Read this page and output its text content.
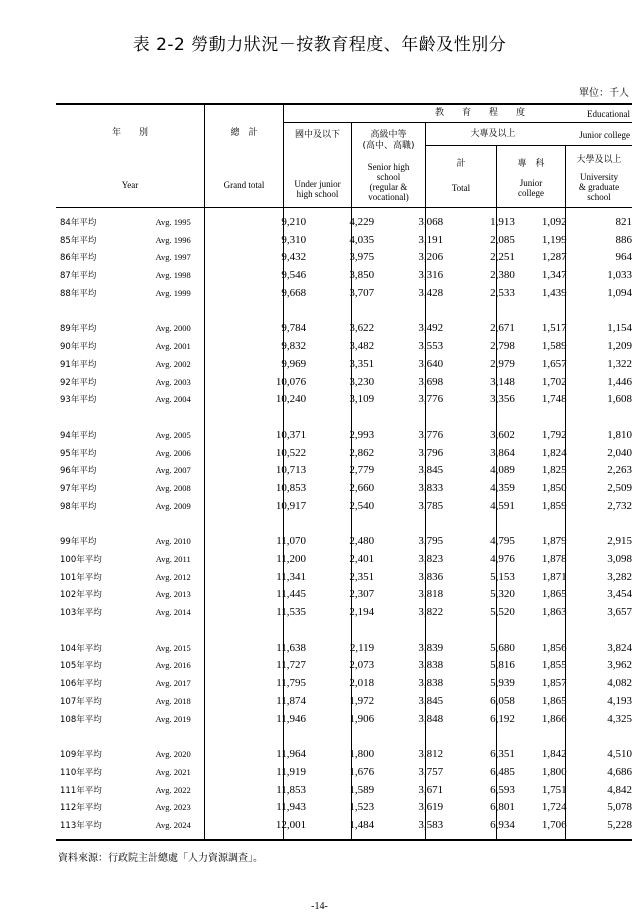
表 2-2 勞動力狀況－按教育程度、年齡及性別分
單位：千人
年　　別
Year
總　計
Grand total
教　　育　　程　　度	Educational
國中及以下
Under junior
high school
高級中等
(高中、高職)
Senior high
school
(regular &
vocational)
大專及以上	Junior college
計
Total
專　科
Junior
college
大學及以上
University
& graduate
school
84年平均	Avg. 1995	9,210	4,229	3,068	1,913	1,092	821
85年平均	Avg. 1996	9,310	4,035	3,191	2,085	1,199	886
86年平均	Avg. 1997	9,432	3,975	3,206	2,251	1,287	964
87年平均	Avg. 1998	9,546	3,850	3,316	2,380	1,347	1,033
88年平均	Avg. 1999	9,668	3,707	3,428	2,533	1,439	1,094
89年平均	Avg. 2000	9,784	3,622	3,492	2,671	1,517	1,154
90年平均	Avg. 2001	9,832	3,482	3,553	2,798	1,589	1,209
91年平均	Avg. 2002	9,969	3,351	3,640	2,979	1,657	1,322
92年平均	Avg. 2003	10,076	3,230	3,698	3,148	1,702	1,446
93年平均	Avg. 2004	10,240	3,109	3,776	3,356	1,748	1,608
94年平均	Avg. 2005	10,371	2,993	3,776	3,602	1,792	1,810
95年平均	Avg. 2006	10,522	2,862	3,796	3,864	1,824	2,040
96年平均	Avg. 2007	10,713	2,779	3,845	4,089	1,825	2,263
97年平均	Avg. 2008	10,853	2,660	3,833	4,359	1,850	2,509
98年平均	Avg. 2009	10,917	2,540	3,785	4,591	1,859	2,732
99年平均	Avg. 2010	11,070	2,480	3,795	4,795	1,879	2,915
100年平均	Avg. 2011	11,200	2,401	3,823	4,976	1,878	3,098
101年平均	Avg. 2012	11,341	2,351	3,836	5,153	1,871	3,282
102年平均	Avg. 2013	11,445	2,307	3,818	5,320	1,865	3,454
103年平均	Avg. 2014	11,535	2,194	3,822	5,520	1,863	3,657
104年平均	Avg. 2015	11,638	2,119	3,839	5,680	1,856	3,824
105年平均	Avg. 2016	11,727	2,073	3,838	5,816	1,855	3,962
106年平均	Avg. 2017	11,795	2,018	3,838	5,939	1,857	4,082
107年平均	Avg. 2018	11,874	1,972	3,845	6,058	1,865	4,193
108年平均	Avg. 2019	11,946	1,906	3,848	6,192	1,866	4,325
109年平均	Avg. 2020	11,964	1,800	3,812	6,351	1,842	4,510
110年平均	Avg. 2021	11,919	1,676	3,757	6,485	1,800	4,686
111年平均	Avg. 2022	11,853	1,589	3,671	6,593	1,751	4,842
112年平均	Avg. 2023	11,943	1,523	3,619	6,801	1,724	5,078
113年平均	Avg. 2024	12,001	1,484	3,583	6,934	1,706	5,228
資料來源：行政院主計總處「人力資源調查」。
-14-
